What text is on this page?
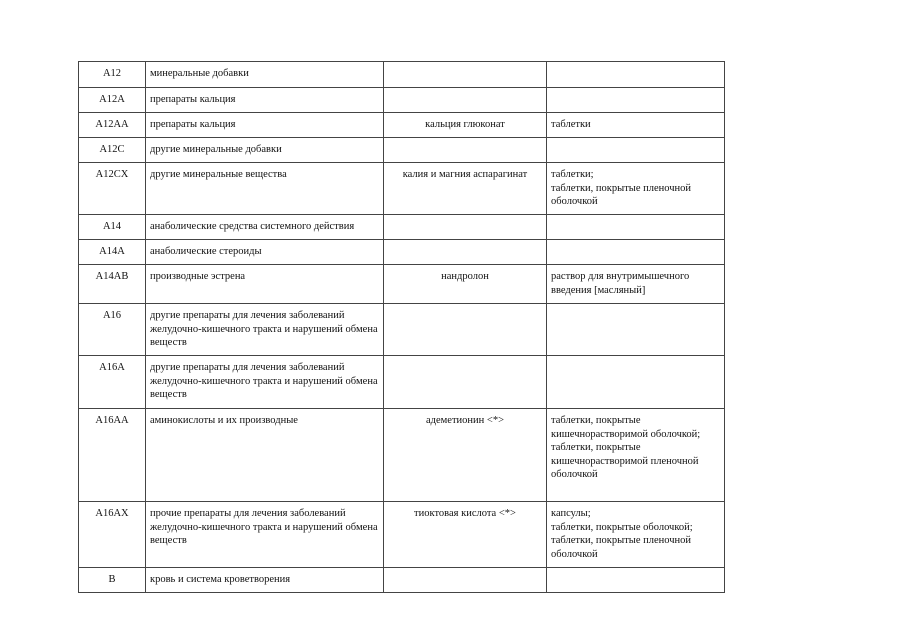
A12	минеральные добавки		
A12A	препараты кальция		
A12AA	препараты кальция	кальция глюконат	таблетки
A12C	другие минеральные добавки		
A12CX	другие минеральные вещества	калия и магния аспарагинат	таблетки;
таблетки, покрытые пленочной оболочкой
A14	анаболические средства системного действия		
A14A	анаболические стероиды		
A14AB	производные эстрена	нандролон	раствор для внутримышечного введения [масляный]
A16	другие препараты для лечения заболеваний желудочно-кишечного тракта и нарушений обмена веществ		
A16A	другие препараты для лечения заболеваний желудочно-кишечного тракта и нарушений обмена веществ		
A16AA	аминокислоты и их производные	адеметионин <*>	таблетки, покрытые кишечнорастворимой оболочкой;
таблетки, покрытые кишечнорастворимой пленочной оболочкой
A16AX	прочие препараты для лечения заболеваний желудочно-кишечного тракта и нарушений обмена веществ	тиоктовая кислота <*>	капсулы;
таблетки, покрытые оболочкой;
таблетки, покрытые пленочной оболочкой
B	кровь и система кроветворения		
